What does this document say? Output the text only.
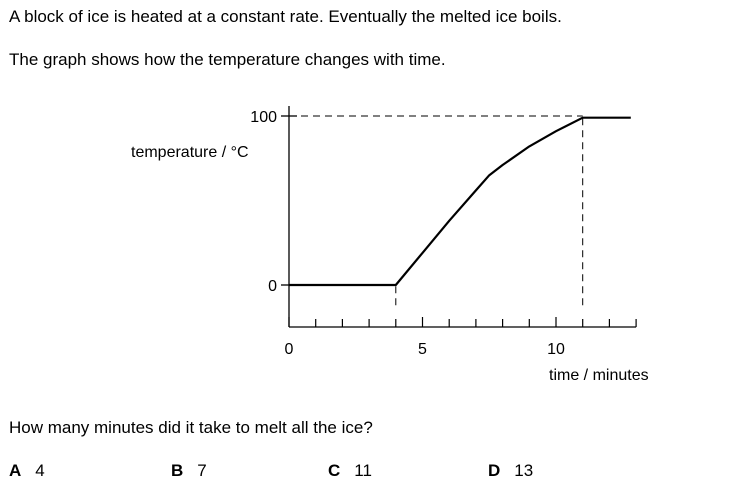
A block of ice is heated at a constant rate. Eventually the melted ice boils.
The graph shows how the temperature changes with time.
0
100
0	5	10
temperature / °C
time / minutes
How many minutes did it take to melt all the ice?
A 4	B 7	C 11	D 13
